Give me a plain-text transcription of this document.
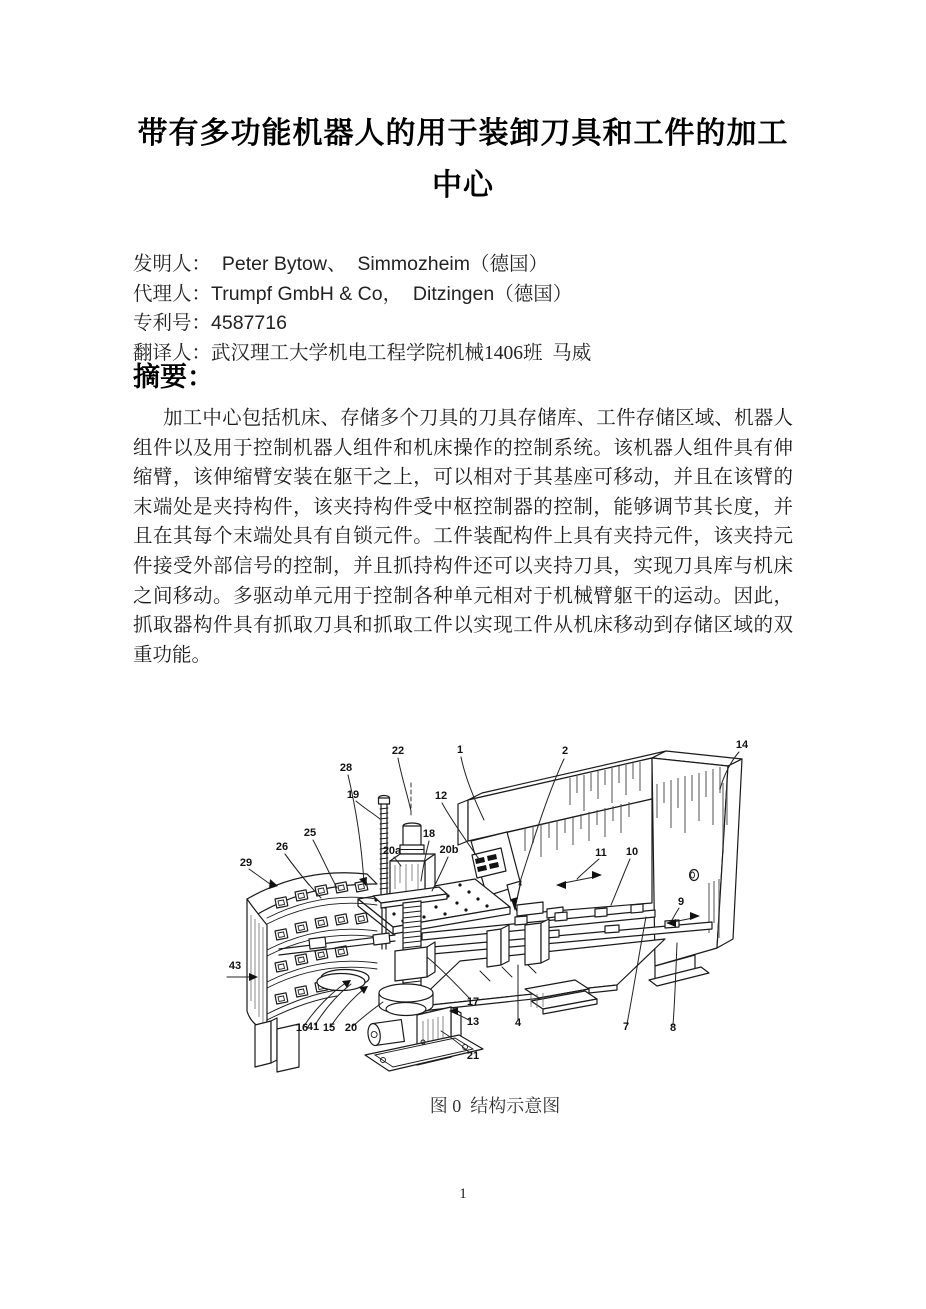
带有多功能机器人的用于装卸刀具和工件的加工中心
发明人：  Peter Bytow、  Simmozheim（德国）
代理人：Trumpf GmbH & Co，  Ditzingen（德国）
专利号：4587716
翻译人：武汉理工大学机电工程学院机械1406班  马威
摘要：

加工中心包括机床、存储多个刀具的刀具存储库、工件存储区域、机器人组件以及用于控制机器人组件和机床操作的控制系统。该机器人组件具有伸缩臂，该伸缩臂安装在躯干之上，可以相对于其基座可移动，并且在该臂的末端处是夹持构件，该夹持构件受中枢控制器的控制，能够调节其长度，并且在其每个末端处具有自锁元件。工件装配构件上具有夹持元件，该夹持元件接受外部信号的控制，并且抓持构件还可以夹持刀具，实现刀具库与机床之间移动。多驱动单元用于控制各种单元相对于机械臂躯干的运动。因此，抓取器构件具有抓取刀具和抓取工件以实现工件从机床移动到存储区域的双重功能。

28
22
19
1
12
2	14
25
26
18
20a	20b
29
11 10
9
43
16
41 15 20
17
13
21
4	7	8
图 0  结构示意图
1
